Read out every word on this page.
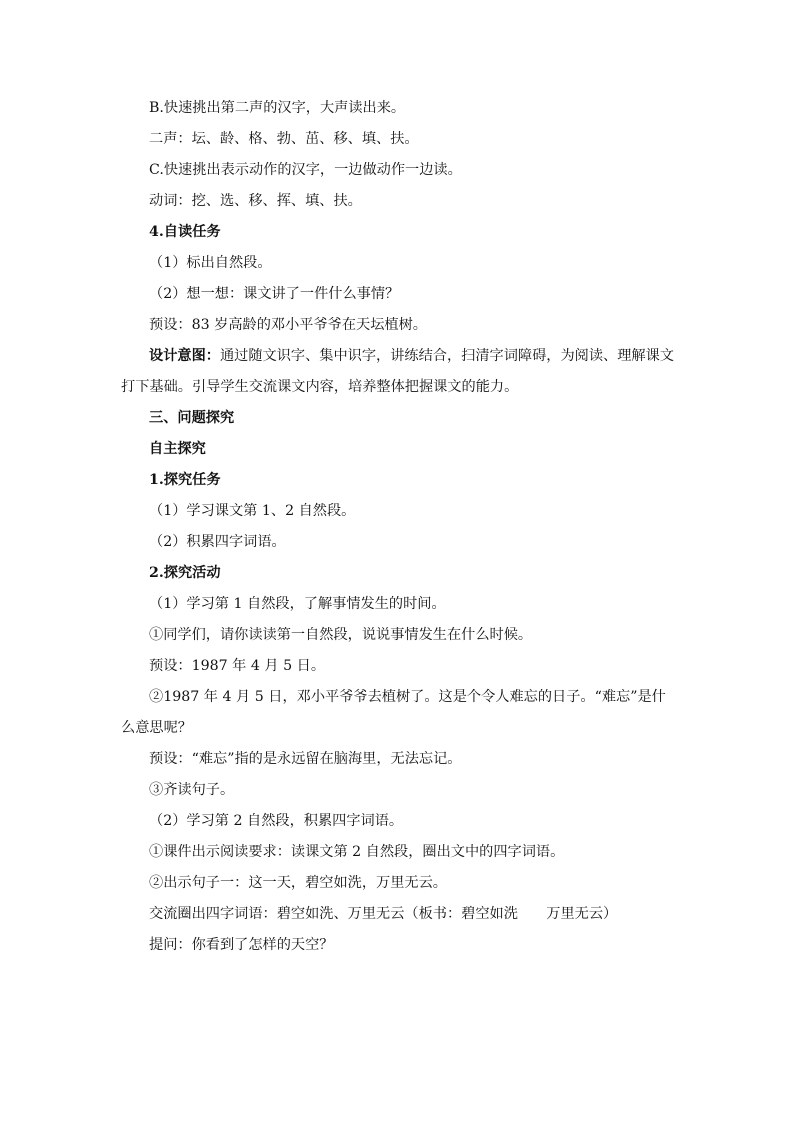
B.快速挑出第二声的汉字，大声读出来。

二声：坛、龄、格、勃、茁、移、填、扶。

C.快速挑出表示动作的汉字，一边做动作一边读。

动词：挖、选、移、挥、填、扶。

4.自读任务

（1）标出自然段。

（2）想一想：课文讲了一件什么事情？

预设：83 岁高龄的邓小平爷爷在天坛植树。

设计意图：通过随文识字、集中识字，讲练结合，扫清字词障碍，为阅读、理解课文打下基础。引导学生交流课文内容，培养整体把握课文的能力。

三、问题探究

自主探究

1.探究任务

（1）学习课文第 1、2 自然段。

（2）积累四字词语。

2.探究活动

（1）学习第 1 自然段，了解事情发生的时间。

①同学们，请你读读第一自然段，说说事情发生在什么时候。

预设：1987 年 4 月 5 日。

②1987 年 4 月 5 日，邓小平爷爷去植树了。这是个令人难忘的日子。“难忘”是什么意思呢？

预设：“难忘”指的是永远留在脑海里，无法忘记。

③齐读句子。

（2）学习第 2 自然段，积累四字词语。

①课件出示阅读要求：读课文第 2 自然段，圈出文中的四字词语。

②出示句子一：这一天，碧空如洗，万里无云。

交流圈出四字词语：碧空如洗、万里无云（板书：碧空如洗　　万里无云）

提问：你看到了怎样的天空？
